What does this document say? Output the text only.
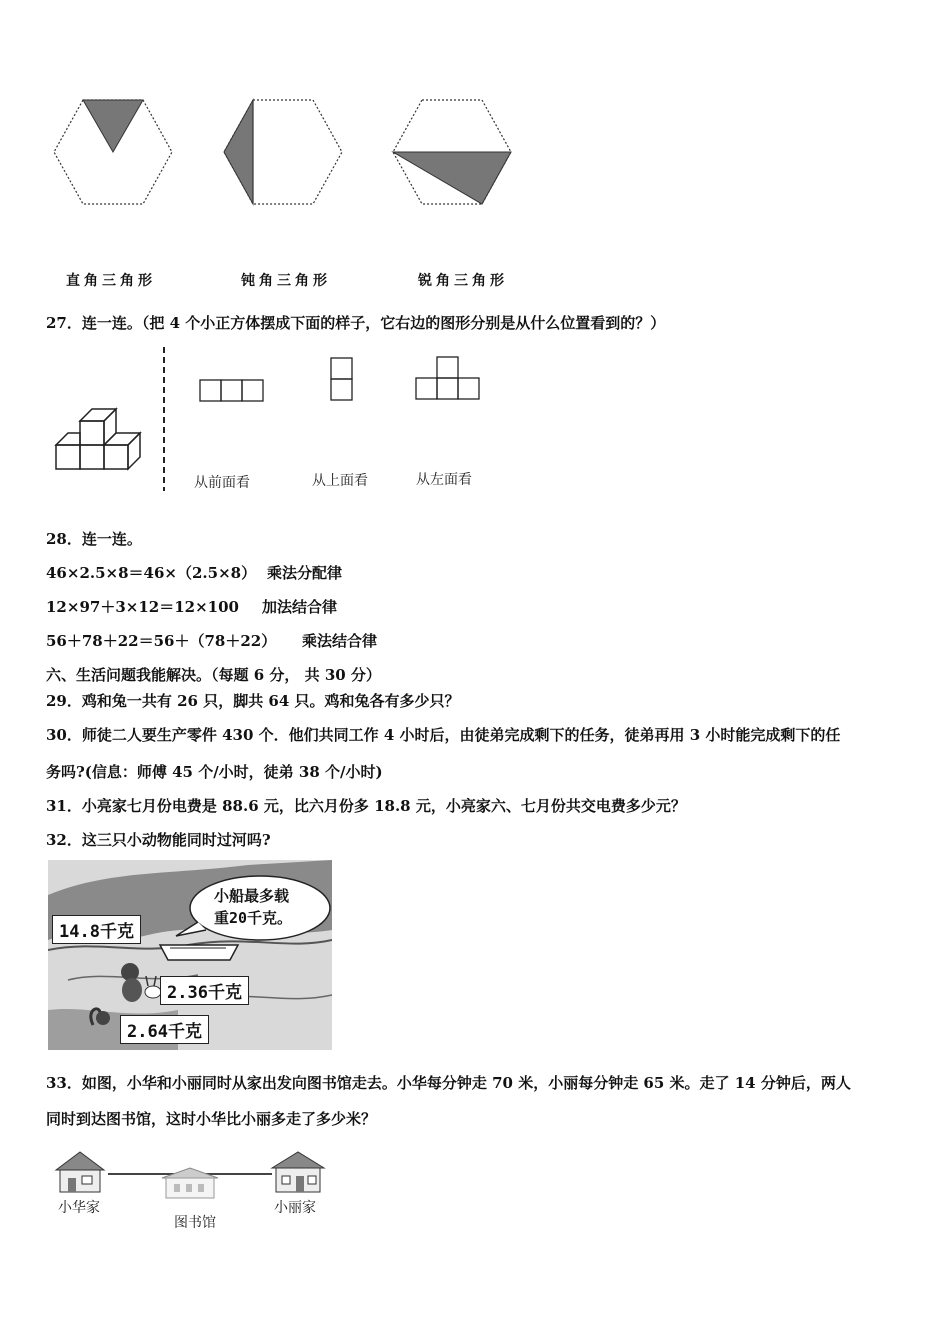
直角三角形	钝角三角形	锐角三角形
27．连一连。（把 4 个小正方体摆成下面的样子，它右边的图形分别是从什么位置看到的？）
从前面看	从上面看	从左面看
28．连一连。
46×2.5×8＝46×（2.5×8） 乘法分配律
12×97＋3×12＝12×100 加法结合律
56＋78＋22＝56＋（78＋22） 乘法结合律
六、生活问题我能解决。（每题 6 分， 共 30 分）
29．鸡和兔一共有 26 只，脚共 64 只。鸡和兔各有多少只？
30．师徒二人要生产零件 430 个．他们共同工作 4 小时后，由徒弟完成剩下的任务，徒弟再用 3 小时能完成剩下的任
务吗?(信息：师傅 45 个/小时，徒弟 38 个/小时)
31．小亮家七月份电费是 88.6 元，比六月份多 18.8 元，小亮家六、七月份共交电费多少元？
32．这三只小动物能同时过河吗?
小船最多载
重20千克。
14.8千克
2.36千克
2.64千克
33．如图，小华和小丽同时从家出发向图书馆走去。小华每分钟走 70 米，小丽每分钟走 65 米。走了 14 分钟后，两人
同时到达图书馆，这时小华比小丽多走了多少米？
小华家
图书馆
小丽家
